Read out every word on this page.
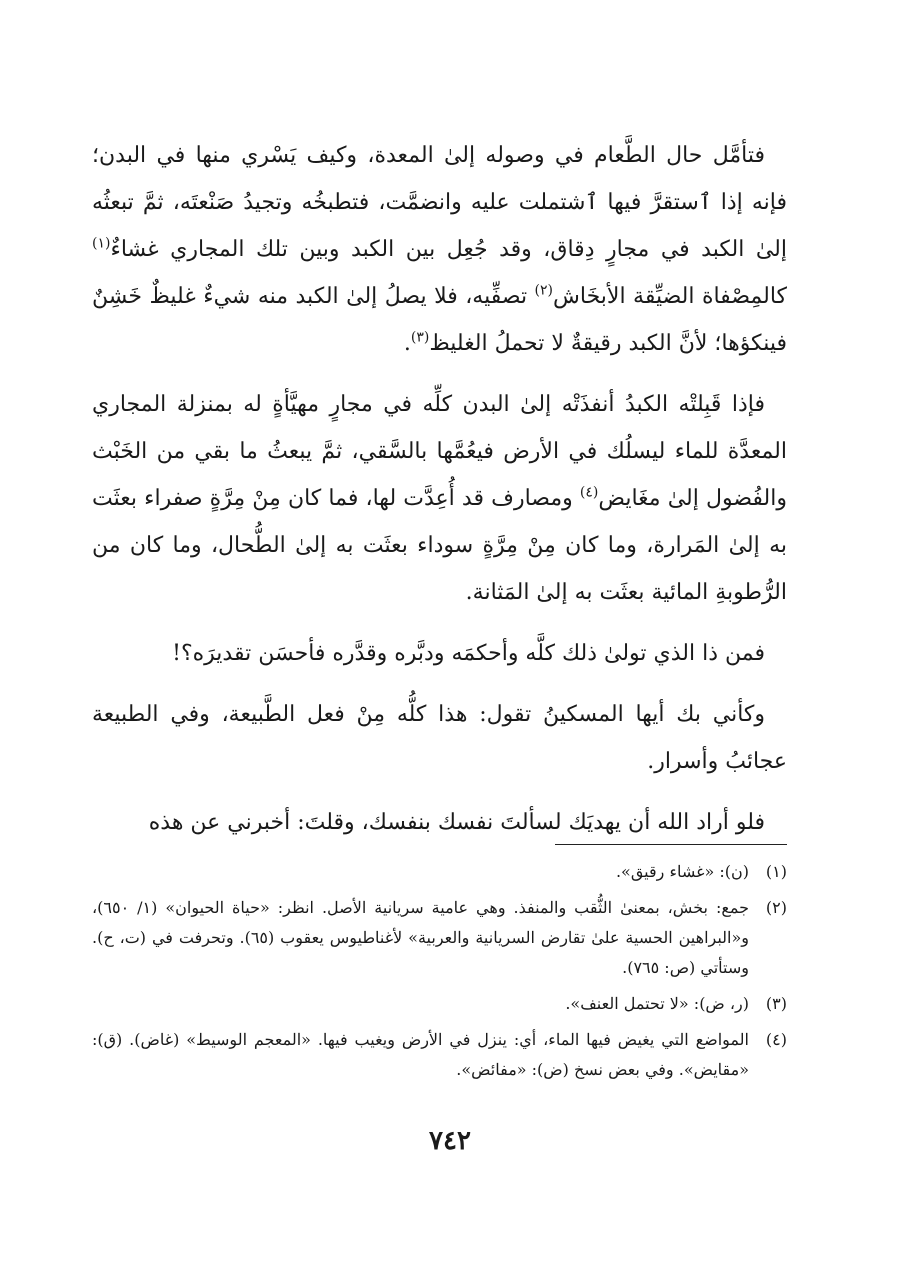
فتأمَّل حال الطَّعام في وصوله إلىٰ المعدة، وكيف يَسْري منها في البدن؛ فإنه إذا ٱستقرَّ فيها ٱشتملت عليه وانضمَّت، فتطبخُه وتجيدُ صَنْعتَه، ثمَّ تبعثُه إلىٰ الكبد في مجارٍ دِقاق، وقد جُعِل بين الكبد وبين تلك المجاري غشاءٌ$^{(١)}$ كالمِصْفاة الضيِّقة الأبخَاش$^{(٢)}$ تصفِّيه، فلا يصلُ إلىٰ الكبد منه شيءٌ غليظٌ خَشِنٌ فينكؤها؛ لأنَّ الكبد رقيقةٌ لا تحملُ الغليظ$^{(٣)}$.

فإذا قَبِلتْه الكبدُ أنفذَتْه إلىٰ البدن كلِّه في مجارٍ مهيَّأةٍ له بمنزلة المجاري المعدَّة للماء ليسلُك في الأرض فيعُمَّها بالسَّقي، ثمَّ يبعثُ ما بقي من الخَبْث والفُضول إلىٰ مغَايض$^{(٤)}$ ومصارف قد أُعِدَّت لها، فما كان مِنْ مِرَّةٍ صفراء بعثَت به إلىٰ المَرارة، وما كان مِنْ مِرَّةٍ سوداء بعثَت به إلىٰ الطُّحال، وما كان من الرُّطوبةِ المائية بعثَت به إلىٰ المَثانة.

فمن ذا الذي تولىٰ ذلك كلَّه وأحكمَه ودبَّره وقدَّره فأحسَن تقديرَه؟!

وكأني بك أيها المسكينُ تقول: هذا كلُّه مِنْ فعل الطَّبيعة، وفي الطبيعة عجائبُ وأسرار.

فلو أراد الله أن يهديَك لسألتَ نفسك بنفسك، وقلتَ: أخبرني عن هذه

(١)
(ن): «غشاء رقيق».
(٢)
جمع: بخش، بمعنىٰ الثُّقب والمنفذ. وهي عامية سريانية الأصل. انظر: «حياة الحيوان» (١/ ٦٥٠)، و«البراهين الحسية علىٰ تقارض السريانية والعربية» لأغناطيوس يعقوب (٦٥). وتحرفت في (ت، ح). وستأتي (ص: ٧٦٥).
(٣)
(ر، ض): «لا تحتمل العنف».
(٤)
المواضع التي يغيض فيها الماء، أي: ينزل في الأرض ويغيب فيها. «المعجم الوسيط» (غاض). (ق): «مقايض». وفي بعض نسخ (ض): «مفائض».
٧٤٢
